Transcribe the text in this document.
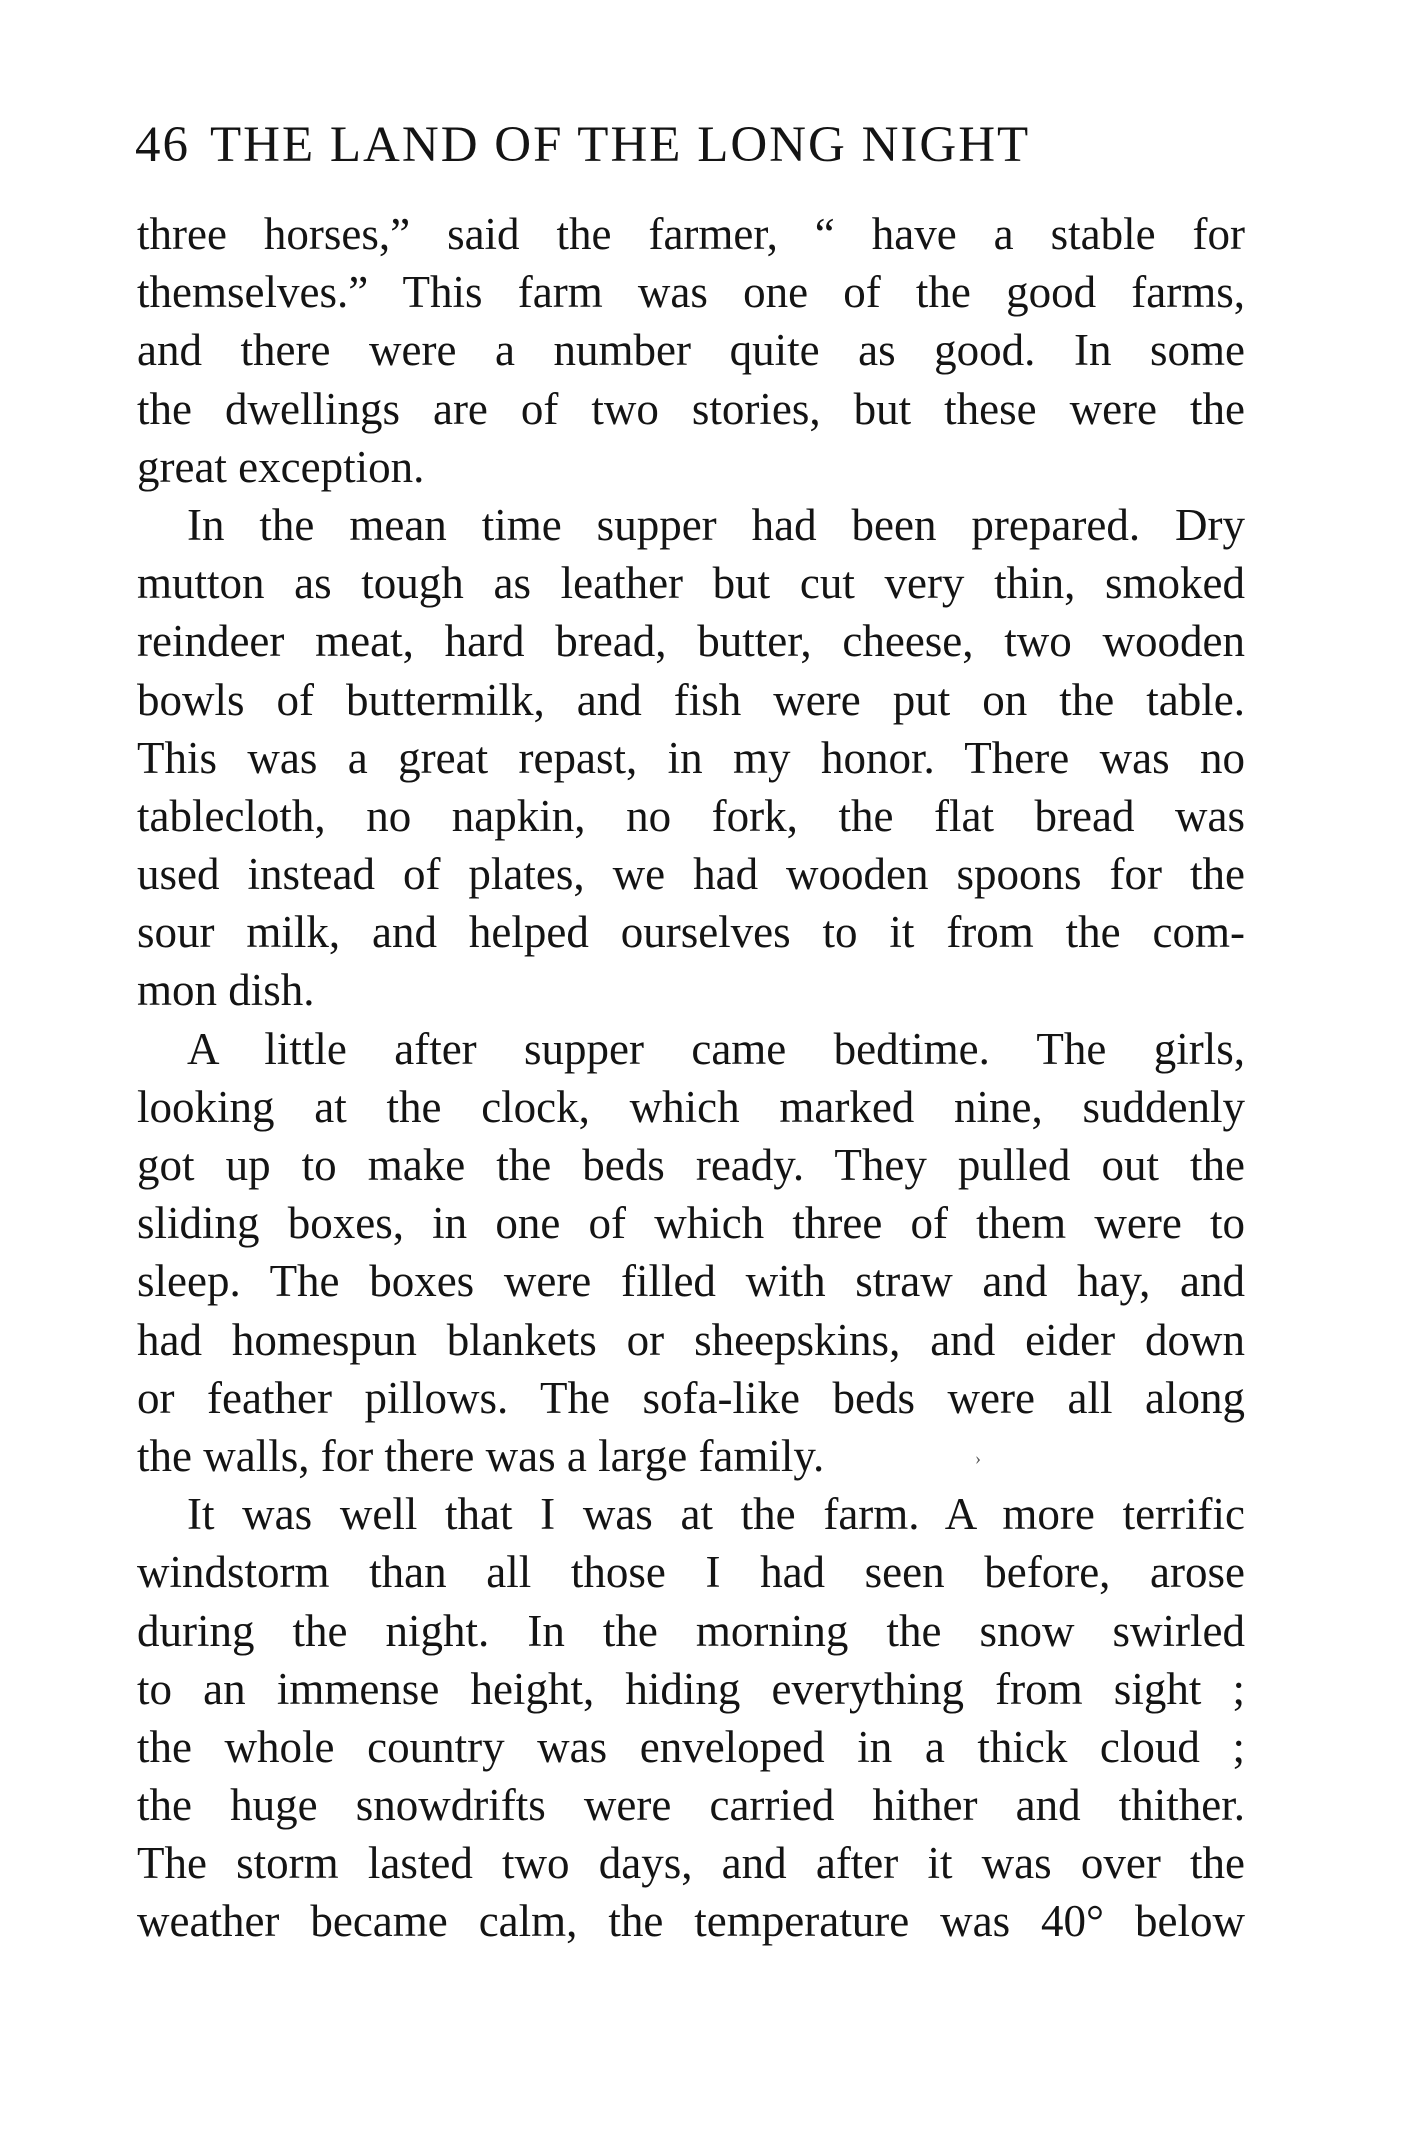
46 THE LAND OF THE LONG NIGHT
three horses,” said the farmer, “ have a stable for
themselves.” This farm was one of the good farms,
and there were a number quite as good. In some
the dwellings are of two stories, but these were the
great exception.
In the mean time supper had been prepared. Dry
mutton as tough as leather but cut very thin, smoked
reindeer meat, hard bread, butter, cheese, two wooden
bowls of buttermilk, and fish were put on the table.
This was a great repast, in my honor. There was no
tablecloth, no napkin, no fork, the flat bread was
used instead of plates, we had wooden spoons for the
sour milk, and helped ourselves to it from the com-
mon dish.
A little after supper came bedtime. The girls,
looking at the clock, which marked nine, suddenly
got up to make the beds ready. They pulled out the
sliding boxes, in one of which three of them were to
sleep. The boxes were filled with straw and hay, and
had homespun blankets or sheepskins, and eider down
or feather pillows. The sofa-like beds were all along
the walls, for there was a large family.
It was well that I was at the farm. A more terrific
windstorm than all those I had seen before, arose
during the night. In the morning the snow swirled
to an immense height, hiding everything from sight ;
the whole country was enveloped in a thick cloud ;
the huge snowdrifts were carried hither and thither.
The storm lasted two days, and after it was over the
weather became calm, the temperature was 40° below
›
